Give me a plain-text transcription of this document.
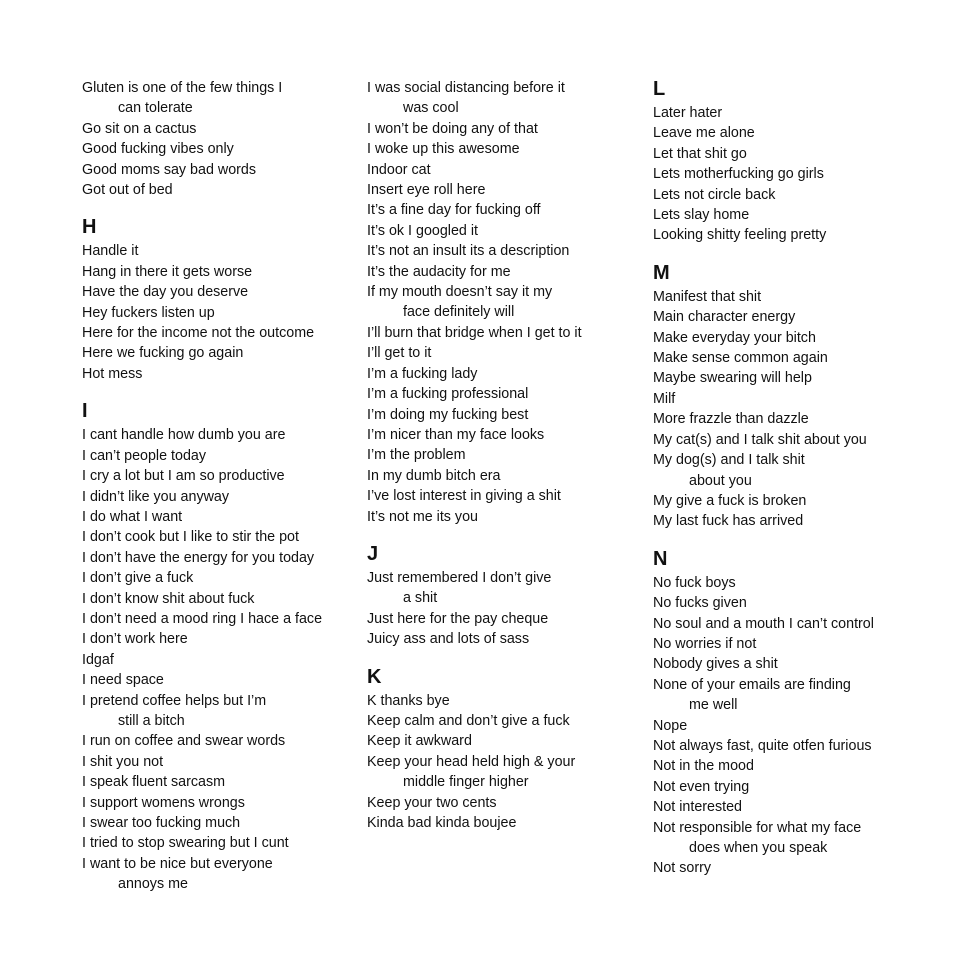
Gluten is one of the few things I
can tolerate
Go sit on a cactus
Good fucking vibes only
Good moms say bad words
Got out of bed
H
Handle it
Hang in there it gets worse
Have the day you deserve
Hey fuckers listen up
Here for the income not the outcome
Here we fucking go again
Hot mess
I
I cant handle how dumb you are
I can’t people today
I cry a lot but I am so productive
I didn’t like you anyway
I do what I want
I don’t cook but I like to stir the pot
I don’t have the energy for you today
I don’t give a fuck
I don’t know shit about fuck
I don’t need a mood ring I hace a face
I don’t work here
Idgaf
I need space
I pretend coffee helps but I’m
still a bitch
I run on coffee and swear words
I shit you not
I speak fluent sarcasm
I support womens wrongs
I swear too fucking much
I tried to stop swearing but I cunt
I want to be nice but everyone
annoys me
I was social distancing before it
was cool
I won’t be doing any of that
I woke up this awesome
Indoor cat
Insert eye roll here
It’s a fine day for fucking off
It’s ok I googled it
It’s not an insult its a description
It’s the audacity for me
If my mouth doesn’t say it my
face definitely will
I’ll burn that bridge when I get to it
I’ll get to it
I’m a fucking lady
I’m a fucking professional
I’m doing my fucking best
I’m nicer than my face looks
I’m the problem
In my dumb bitch era
I’ve lost interest in giving a shit
It’s not me its you
J
Just remembered I don’t give
a shit
Just here for the pay cheque
Juicy ass and lots of sass
K
K thanks bye
Keep calm and don’t give a fuck
Keep it awkward
Keep your head held high & your
middle finger higher
Keep your two cents
Kinda bad kinda boujee
L
Later hater
Leave me alone
Let that shit go
Lets motherfucking go girls
Lets not circle back
Lets slay home
Looking shitty feeling pretty
M
Manifest that shit
Main character energy
Make everyday your bitch
Make sense common again
Maybe swearing will help
Milf
More frazzle than dazzle
My cat(s) and I talk shit about you
My dog(s) and I talk shit
about you
My give a fuck is broken
My last fuck has arrived
N
No fuck boys
No fucks given
No soul and a mouth I can’t control
No worries if not
Nobody gives a shit
None of your emails are finding
me well
Nope
Not always fast, quite otfen furious
Not in the mood
Not even trying
Not interested
Not responsible for what my face
does when you speak
Not sorry
